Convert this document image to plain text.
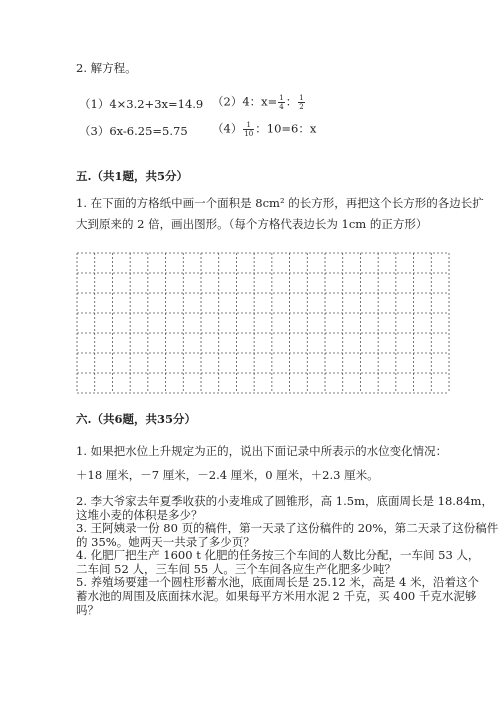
2. 解方程。
（1）4×3.2+3x=14.9 （2）4：$x= \frac{1}{4}$ ： $\frac{1}{2}$
（3）6x-6.25=5.75 $(4) \frac{1}{10}$ ：10=6：x
五.（共1题，共5分）
1. 在下面的方格纸中画一个面积是 8cm² 的长方形，再把这个长方形的各边长扩
大到原来的 2 倍，画出图形。（每个方格代表边长为 1cm 的正方形）
六.（共6题，共35分）
1. 如果把水位上升规定为正的，说出下面记录中所表示的水位变化情况：
＋18 厘米，－7 厘米，－2.4 厘米，0 厘米，＋2.3 厘米。
2. 李大爷家去年夏季收获的小麦堆成了圆锥形，高 1.5m，底面周长是 18.84m，
这堆小麦的体积是多少？
3. 王阿姨录一份 80 页的稿件，第一天录了这份稿件的 20%，第二天录了这份稿件
的 35%。她两天一共录了多少页？
4. 化肥厂把生产 1600 t 化肥的任务按三个车间的人数比分配，一车间 53 人，
二车间 52 人，三车间 55 人。三个车间各应生产化肥多少吨？
5. 养殖场要建一个圆柱形蓄水池，底面周长是 25.12 米，高是 4 米，沿着这个
蓄水池的周围及底面抹水泥。如果每平方米用水泥 2 千克，买 400 千克水泥够
吗？
